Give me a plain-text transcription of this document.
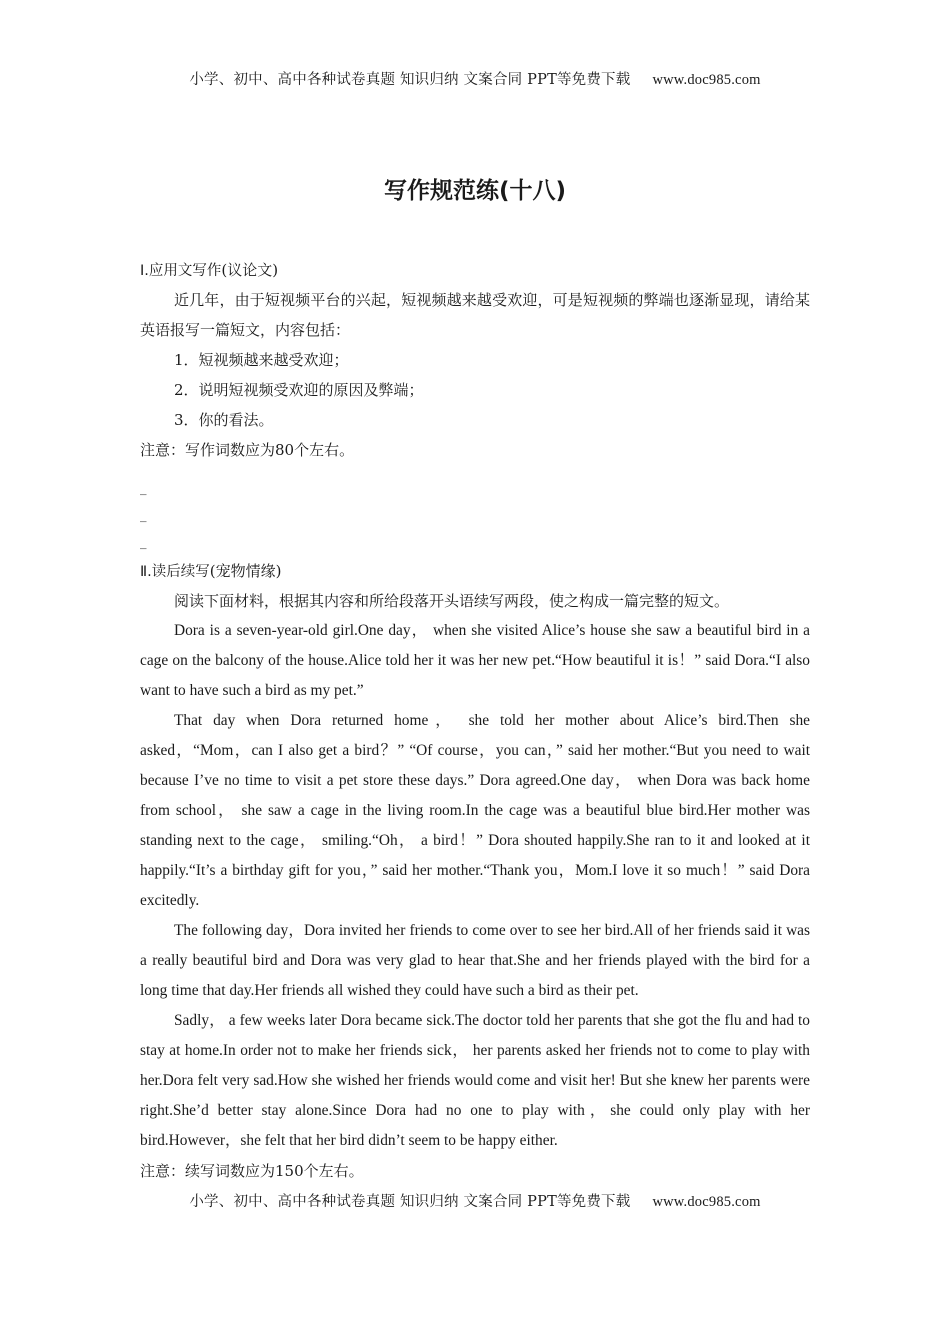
小学、初中、高中各种试卷真题 知识归纳 文案合同 PPT等免费下载 www.doc985.com
写作规范练(十八)
Ⅰ.应用文写作(议论文)
近几年，由于短视频平台的兴起，短视频越来越受欢迎，可是短视频的弊端也逐渐显现，请给某英语报写一篇短文，内容包括：
1．短视频越来越受欢迎；
2．说明短视频受欢迎的原因及弊端；
3．你的看法。
注意：写作词数应为80个左右。
_
_
_
Ⅱ.读后续写(宠物情缘)
阅读下面材料，根据其内容和所给段落开头语续写两段，使之构成一篇完整的短文。
Dora is a seven-year-old girl.One day， when she visited Alice’s house she saw a beautiful bird in a cage on the balcony of the house.Alice told her it was her new pet.“How beautiful it is！” said Dora.“I also want to have such a bird as my pet.”
That day when Dora returned home， she told her mother about Alice’s bird.Then she asked，“Mom，can I also get a bird？” “Of course，you can，” said her mother.“But you need to wait because I’ve no time to visit a pet store these days.” Dora agreed.One day， when Dora was back home from school， she saw a cage in the living room.In the cage was a beautiful blue bird.Her mother was standing next to the cage， smiling.“Oh， a bird！” Dora shouted happily.She ran to it and looked at it happily.“It’s a birthday gift for you，” said her mother.“Thank you，Mom.I love it so much！” said Dora excitedly.
The following day，Dora invited her friends to come over to see her bird.All of her friends said it was a really beautiful bird and Dora was very glad to hear that.She and her friends played with the bird for a long time that day.Her friends all wished they could have such a bird as their pet.
Sadly， a few weeks later Dora became sick.The doctor told her parents that she got the flu and had to stay at home.In order not to make her friends sick， her parents asked her friends not to come to play with her.Dora felt very sad.How she wished her friends would come and visit her! But she knew her parents were right.She’d better stay alone.Since Dora had no one to play with，she could only play with her bird.However，she felt that her bird didn’t seem to be happy either.
注意：续写词数应为150个左右。
小学、初中、高中各种试卷真题 知识归纳 文案合同 PPT等免费下载 www.doc985.com
